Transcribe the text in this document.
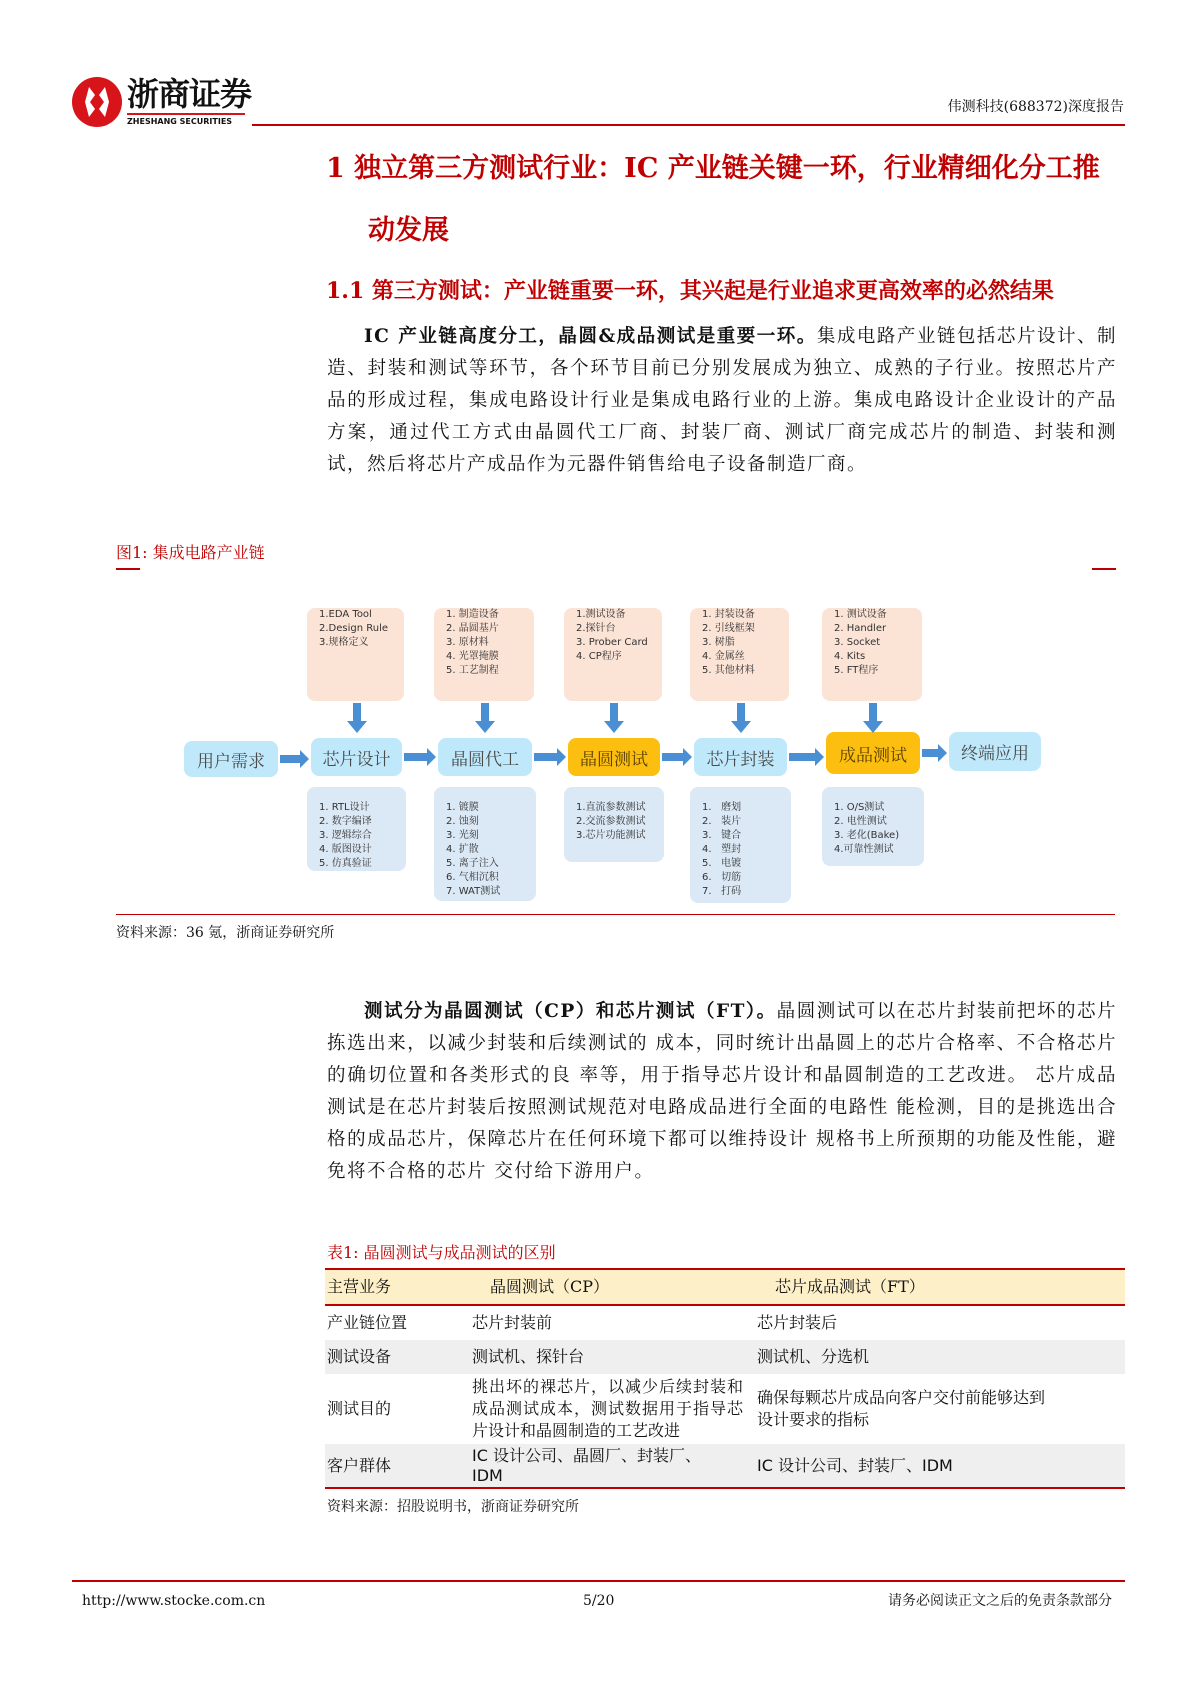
浙商证券
ZHESHANG SECURITIES
伟测科技(688372)深度报告
1 独立第三方测试行业：IC 产业链关键一环，行业精细化分工推
动发展
1.1 第三方测试：产业链重要一环，其兴起是行业追求更高效率的必然结果
IC 产业链高度分工，晶圆&成品测试是重要一环。集成电路产业链包括芯片设计、制造、封装和测试等环节，各个环节目前已分别发展成为独立、成熟的子行业。按照芯片产品的形成过程，集成电路设计行业是集成电路行业的上游。集成电路设计企业设计的产品方案，通过代工方式由晶圆代工厂商、封装厂商、测试厂商完成芯片的制造、封装和测试，然后将芯片产成品作为元器件销售给电子设备制造厂商。
图1: 集成电路产业链
用户需求	芯片设计
1.EDA Tool
2.Design Rule
3.规格定义
1. RTL设计
2. 数字编译
3. 逻辑综合
4. 版图设计
5. 仿真验证
晶圆代工
1. 制造设备
2. 晶圆基片
3. 原材料
4. 光罩掩膜
5. 工艺制程
1. 镀膜
2. 蚀刻
3. 光刻
4. 扩散
5. 离子注入
6. 气相沉积
7. WAT测试
晶圆测试
1.测试设备
2.探针台
3. Prober Card
4. CP程序
1.直流参数测试
2.交流参数测试
3.芯片功能测试
芯片封装
1. 封装设备
2. 引线框架
3. 树脂
4. 金属丝
5. 其他材料
1.   磨划
2.   装片
3.   键合
4.   塑封
5.   电镀
6.   切筋
7.   打码
成品测试
1. 测试设备
2. Handler
3. Socket
4. Kits
5. FT程序
1. O/S测试
2. 电性测试
3. 老化(Bake)
4.可靠性测试
终端应用
资料来源：36 氪，浙商证券研究所
测试分为晶圆测试（CP）和芯片测试（FT）。晶圆测试可以在芯片封装前把坏的芯片拣选出来，以减少封装和后续测试的 成本，同时统计出晶圆上的芯片合格率、不合格芯片的确切位置和各类形式的良 率等，用于指导芯片设计和晶圆制造的工艺改进。 芯片成品测试是在芯片封装后按照测试规范对电路成品进行全面的电路性 能检测，目的是挑选出合格的成品芯片，保障芯片在任何环境下都可以维持设计 规格书上所预期的功能及性能，避免将不合格的芯片 交付给下游用户。
表1: 晶圆测试与成品测试的区别
主营业务	晶圆测试（CP）	芯片成品测试（FT）
产业链位置	芯片封装前	芯片封装后
测试设备	测试机、探针台	测试机、分选机
测试目的	挑出坏的裸芯片，以减少后续封装和成品测试成本，测试数据用于指导芯片设计和晶圆制造的工艺改进	确保每颗芯片成品向客户交付前能够达到设计要求的指标
客户群体	IC 设计公司、晶圆厂、封装厂、IDM	IC 设计公司、封装厂、IDM
资料来源：招股说明书，浙商证券研究所
http://www.stocke.com.cn	5/20	请务必阅读正文之后的免责条款部分
